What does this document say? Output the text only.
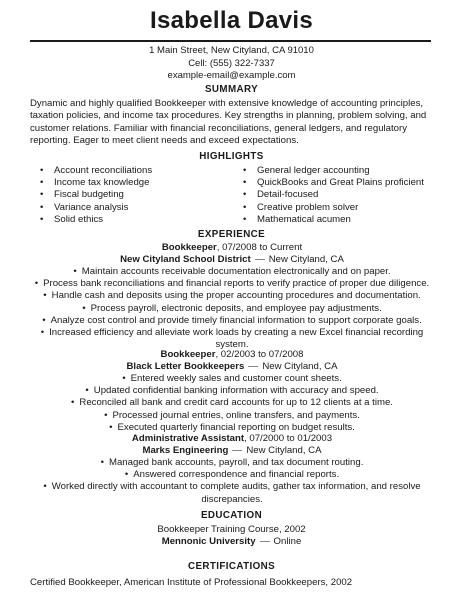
Isabella Davis
1 Main Street, New Cityland, CA 91010
Cell: (555) 322-7337
example-email@example.com
SUMMARY
Dynamic and highly qualified Bookkeeper with extensive knowledge of accounting principles,
taxation policies, and income tax procedures. Key strengths in planning, problem solving, and
customer relations. Familiar with financial reconciliations, general ledgers, and regulatory
reporting. Eager to meet client needs and exceed expectations.
HIGHLIGHTS
• Account reconciliations
• Income tax knowledge
• Fiscal budgeting
• Variance analysis
• Solid ethics
• General ledger accounting
• QuickBooks and Great Plains proficient
• Detail-focused
• Creative problem solver
• Mathematical acumen
EXPERIENCE
Bookkeeper, 07/2008 to Current
New Cityland School District New Cityland, CA
• Maintain accounts receivable documentation electronically and on paper.
• Process bank reconciliations and financial reports to verify practice of proper due diligence.
• Handle cash and deposits using the proper accounting procedures and documentation.
• Process payroll, electronic deposits, and employee pay adjustments.
• Analyze cost control and provide timely financial information to support corporate goals.
• Increased efficiency and alleviate work loads by creating a new Excel financial recording
system.
Bookkeeper, 02/2003 to 07/2008
Black Letter Bookkeepers New Cityland, CA
• Entered weekly sales and customer count sheets.
• Updated confidential banking information with accuracy and speed.
• Reconciled all bank and credit card accounts for up to 12 clients at a time.
• Processed journal entries, online transfers, and payments.
• Executed quarterly financial reporting on budget results.
Administrative Assistant, 07/2000 to 01/2003
Marks Engineering New Cityland, CA
• Managed bank accounts, payroll, and tax document routing.
• Answered correspondence and financial reports.
• Worked directly with accountant to complete audits, gather tax information, and resolve
discrepancies.
EDUCATION
Bookkeeper Training Course, 2002
Mennonic University Online
CERTIFICATIONS
Certified Bookkeeper, American Institute of Professional Bookkeepers, 2002
